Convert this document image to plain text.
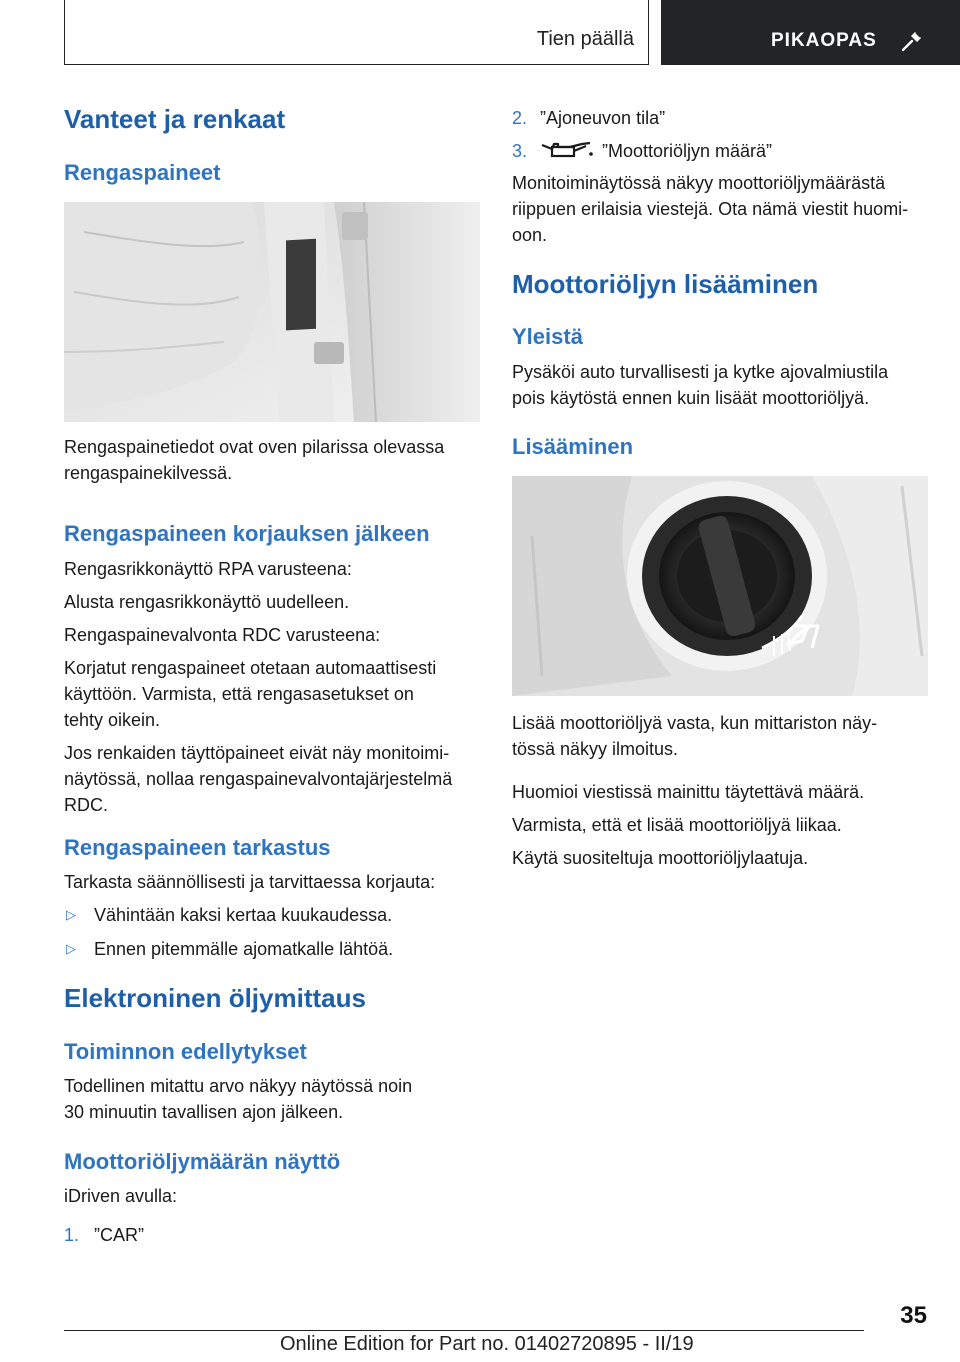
Tien päällä	PIKAOPAS
Vanteet ja renkaat
Rengaspaineet

Rengaspainetiedot ovat oven pilarissa olevassa

rengaspainekilvessä.

Rengaspaineen korjauksen jälkeen

Rengasrikkonäyttö RPA varusteena:

Alusta rengasrikkonäyttö uudelleen.

Rengaspainevalvonta RDC varusteena:

Korjatut rengaspaineet otetaan automaattisesti

käyttöön. Varmista, että rengasasetukset on

tehty oikein.

Jos renkaiden täyttöpaineet eivät näy monitoimi-

näytössä, nollaa rengaspainevalvontajärjestelmä

RDC.

Rengaspaineen tarkastus

Tarkasta säännöllisesti ja tarvittaessa korjauta:

▷ Vähintään kaksi kertaa kuukaudessa.

▷ Ennen pitemmälle ajomatkalle lähtöä.

Elektroninen öljymittaus
Toiminnon edellytykset

Todellinen mitattu arvo näkyy näytössä noin

30 minuutin tavallisen ajon jälkeen.

Moottoriöljymäärän näyttö

iDriven avulla:

1. ”CAR”

2. ”Ajoneuvon tila”

3.	”Moottoriöljyn määrä”

Monitoiminäytössä näkyy moottoriöljymäärästä

riippuen erilaisia viestejä. Ota nämä viestit huomi-

oon.

Moottoriöljyn lisääminen
Yleistä

Pysäköi auto turvallisesti ja kytke ajovalmiustila

pois käytöstä ennen kuin lisäät moottoriöljyä.

Lisääminen

Lisää moottoriöljyä vasta, kun mittariston näy-

tössä näkyy ilmoitus.

Huomioi viestissä mainittu täytettävä määrä.

Varmista, että et lisää moottoriöljyä liikaa.

Käytä suositeltuja moottoriöljylaatuja.

35
Online Edition for Part no. 01402720895 - II/19
